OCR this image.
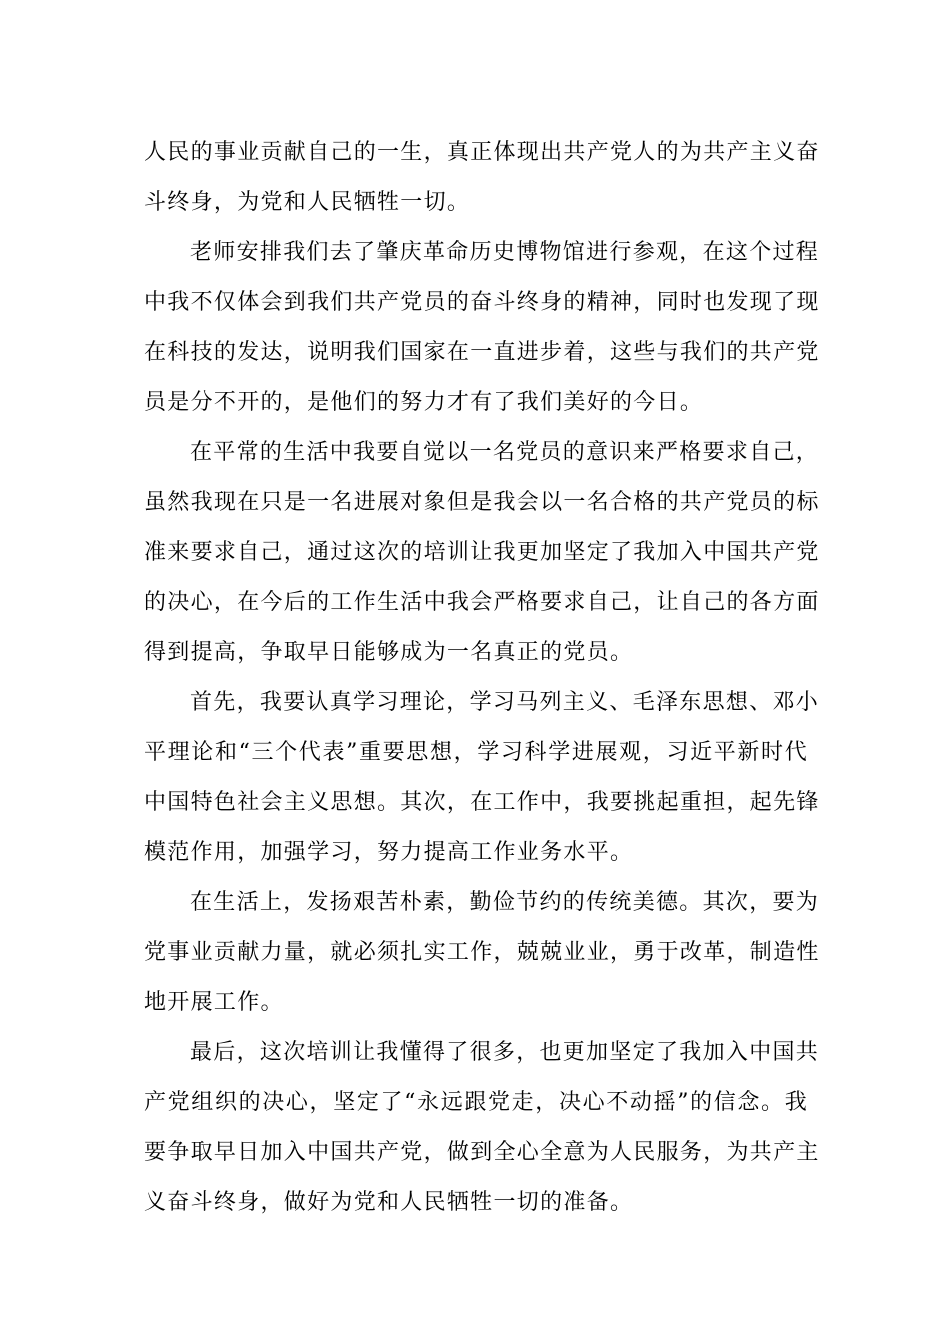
人民的事业贡献自己的一生，真正体现出共产党人的为共产主义奋
斗终身，为党和人民牺牲一切。
老师安排我们去了肇庆革命历史博物馆进行参观，在这个过程
中我不仅体会到我们共产党员的奋斗终身的精神，同时也发现了现
在科技的发达，说明我们国家在一直进步着，这些与我们的共产党
员是分不开的，是他们的努力才有了我们美好的今日。
在平常的生活中我要自觉以一名党员的意识来严格要求自己，
虽然我现在只是一名进展对象但是我会以一名合格的共产党员的标
准来要求自己，通过这次的培训让我更加坚定了我加入中国共产党
的决心，在今后的工作生活中我会严格要求自己，让自己的各方面
得到提高，争取早日能够成为一名真正的党员。
首先，我要认真学习理论，学习马列主义、毛泽东思想、邓小
平理论和“三个代表”重要思想，学习科学进展观，习近平新时代
中国特色社会主义思想。其次，在工作中，我要挑起重担，起先锋
模范作用，加强学习，努力提高工作业务水平。
在生活上，发扬艰苦朴素，勤俭节约的传统美德。其次，要为
党事业贡献力量，就必须扎实工作，兢兢业业，勇于改革，制造性
地开展工作。
最后，这次培训让我懂得了很多，也更加坚定了我加入中国共
产党组织的决心，坚定了“永远跟党走，决心不动摇”的信念。我
要争取早日加入中国共产党，做到全心全意为人民服务，为共产主
义奋斗终身，做好为党和人民牺牲一切的准备。
